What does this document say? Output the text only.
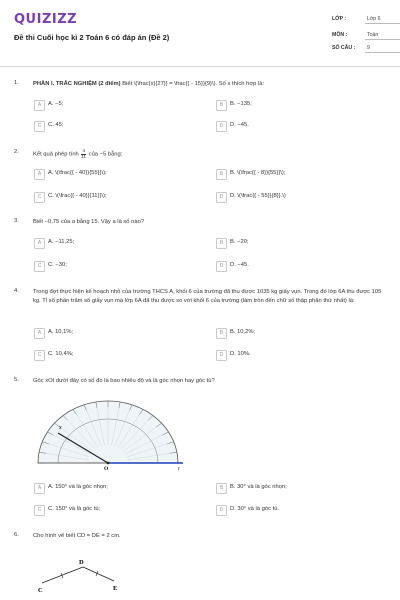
QUIZIZZ
Đề thi Cuối học kì 2 Toán 6 có đáp án (Đề 2)
LỚP :	Lớp 6
MÔN :	Toán
SỐ CÂU : 9
1. PHẦN I. TRẮC NGHIỆM (2 điểm) Biết \(\frac{x}{27}} = \frac{{ - 15}}{9}\). Số x thích hợp là:
A	A. −5;	B	B. −135;
C	C. 45;	D	D. −45.
2. Kết quả phép tính $\frac{4}{11}$ của −5 bằng:
A	A. \(\frac{{ - 40}}{55}}\);	B	B. \(\frac{{ - 8}}{55}}\);
C	C. \(\frac{{ - 40}}{11}}\);	D	D. \(\frac{{ - 55}}{8}}.\)
3. Biết −0,75 của a bằng 15. Vậy a là số nào?
A	A. −11,25;	B	B. −20;
C	C. −30;	D	D. −45.
4. Trong đợt thực hiện kế hoạch nhỏ của trường THCS A, khối 6 của trường đã thu được 1035 kg giấy vụn. Trong đó lớp 6A thu được 105 kg. Tỉ số phần trăm số giấy vụn mà lớp 6A đã thu được so với khối 6 của trường (làm tròn đến chữ số thập phân thứ nhất) là:
A	A. 10,1%;	B	B. 10,2%;
C	C. 10,4%;	D	D. 10%.
5. Góc xOt dưới đây có số đo là bao nhiêu độ và là góc nhọn hay góc tù?
x
O	t
A	A. 150° và là góc nhọn;	B	B. 30° và là góc nhọn;
C	C. 150° và là góc tù;	D	D. 30° và là góc tù.
6. Cho hình vẽ biết CD = DE = 2 cm.
D
C	E
